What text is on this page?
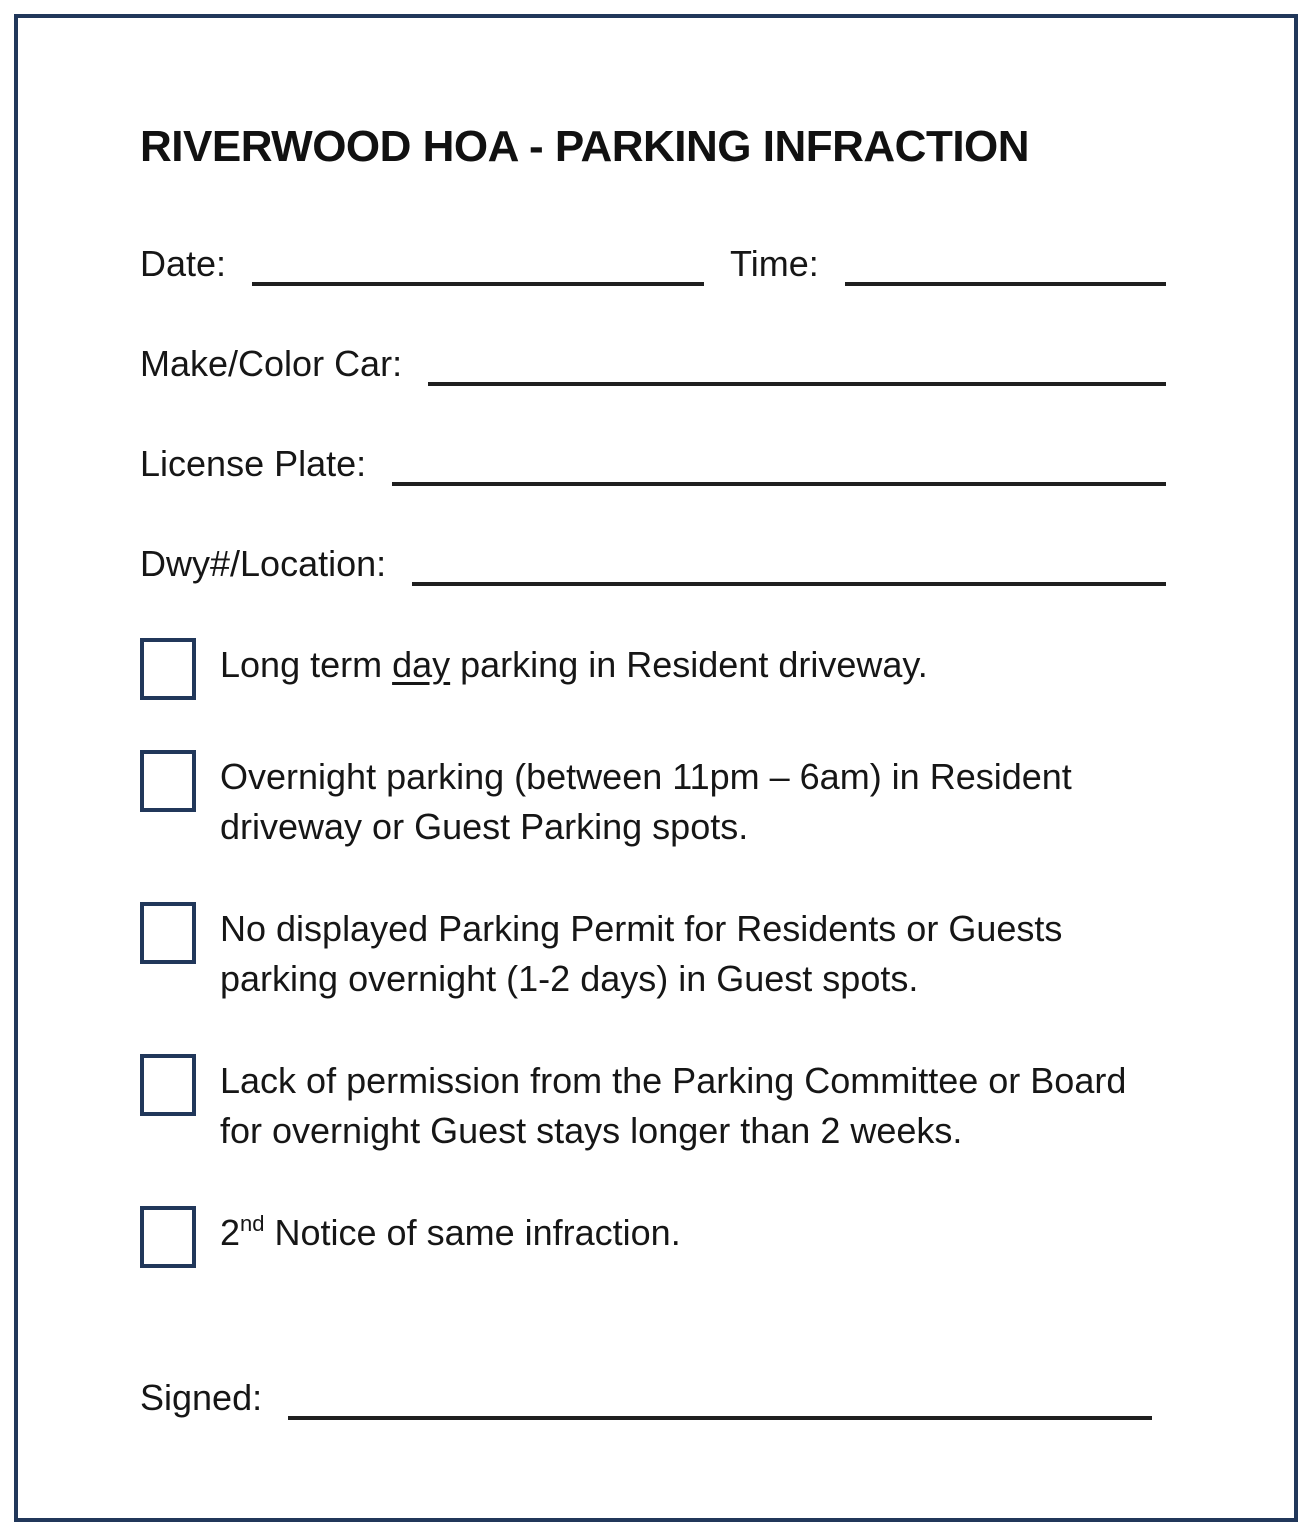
RIVERWOOD HOA - PARKING INFRACTION
Date:	Time:
Make/Color Car:
License Plate:
Dwy#/Location:
Long term day parking in Resident driveway.
Overnight parking (between 11pm – 6am) in Resident
driveway or Guest Parking spots.
No displayed Parking Permit for Residents or Guests
parking overnight (1-2 days) in Guest spots.
Lack of permission from the Parking Committee or Board
for overnight Guest stays longer than 2 weeks.
2nd Notice of same infraction.
Signed:
